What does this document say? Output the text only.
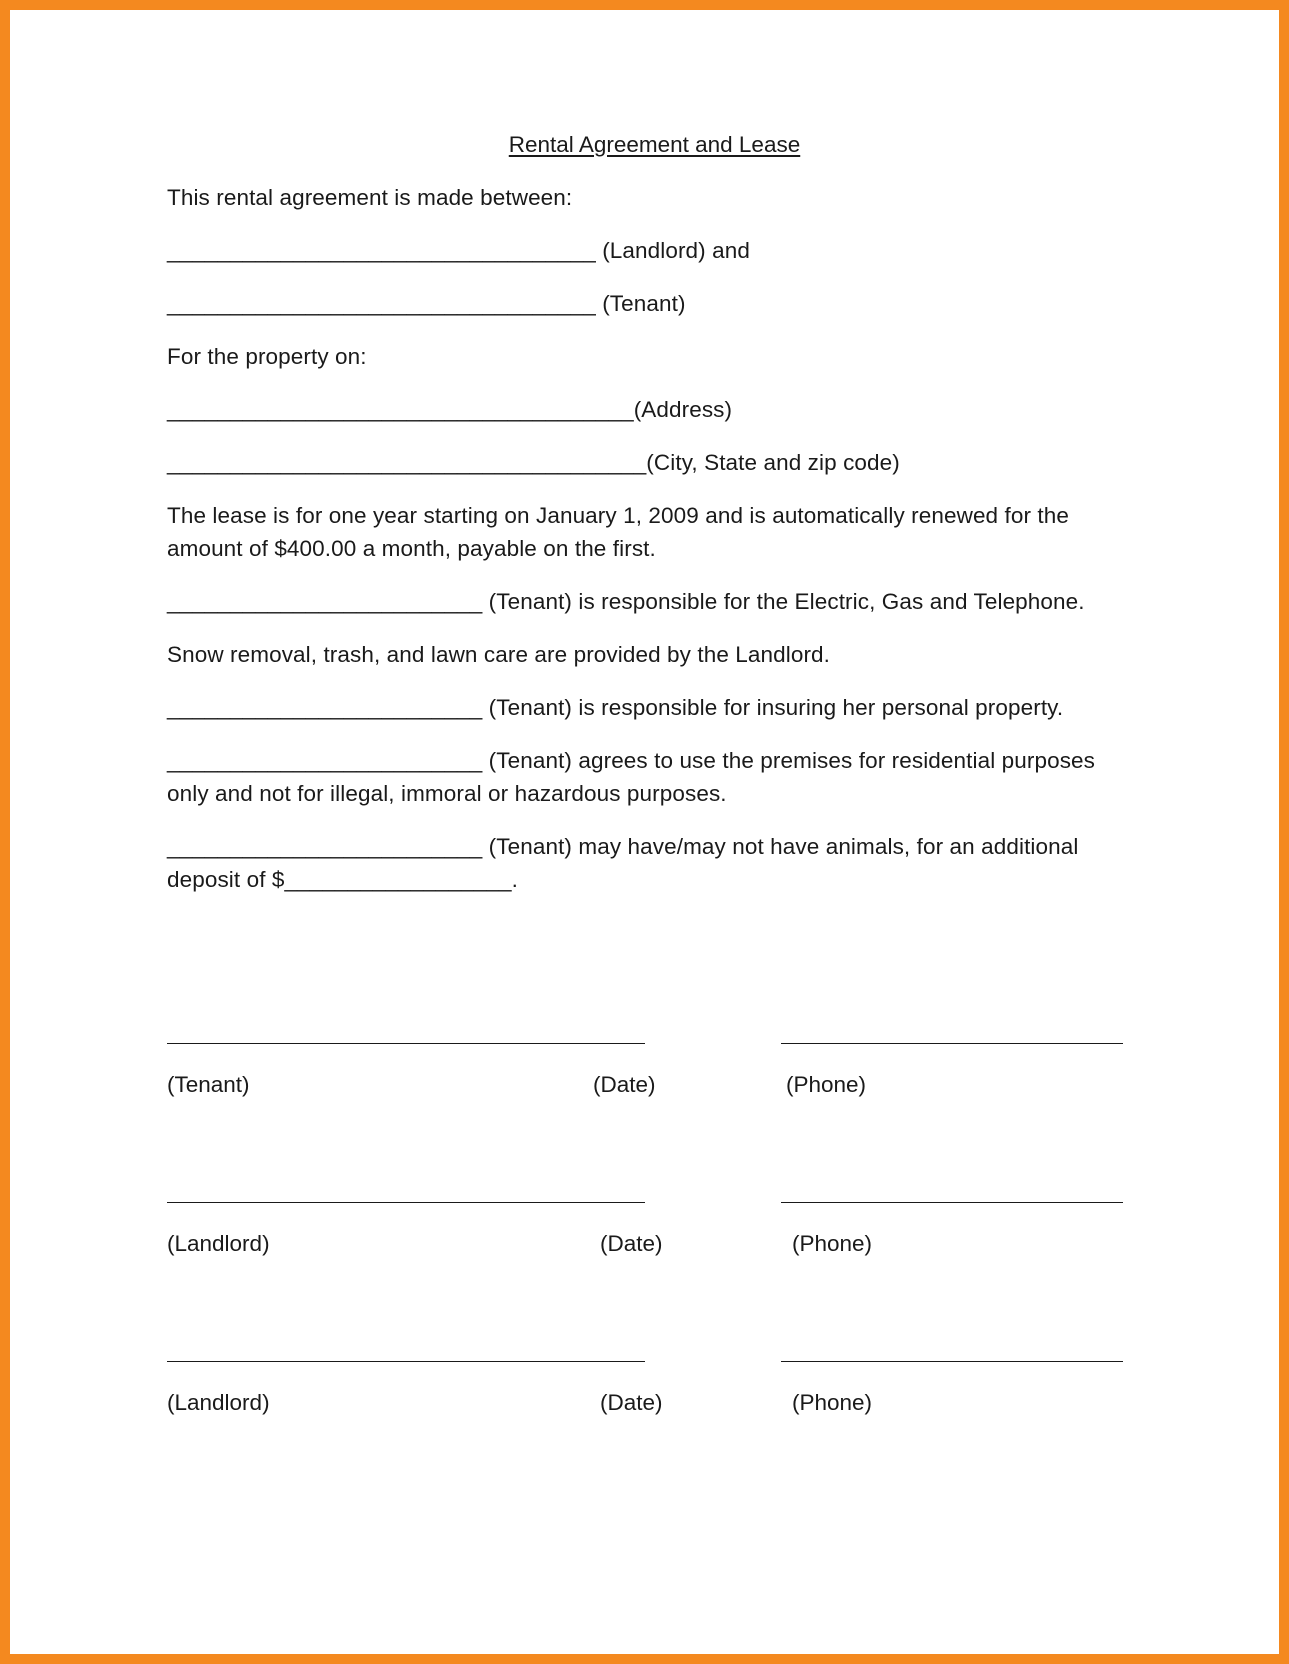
Rental Agreement and Lease
This rental agreement is made between:
__________________________________ (Landlord) and
__________________________________ (Tenant)
For the property on:
_____________________________________(Address)
______________________________________(City, State and zip code)
The lease is for one year starting on January 1, 2009 and is automatically renewed for the
amount of $400.00 a month, payable on the first.
_________________________ (Tenant) is responsible for the Electric, Gas and Telephone.
Snow removal, trash, and lawn care are provided by the Landlord.
_________________________ (Tenant) is responsible for insuring her personal property.
_________________________ (Tenant) agrees to use the premises for residential purposes
only and not for illegal, immoral or hazardous purposes.
_________________________ (Tenant) may have/may not have animals, for an additional
deposit of $__________________.
(Tenant)	(Date)	(Phone)
(Landlord)	(Date)	(Phone)
(Landlord)	(Date)	(Phone)
